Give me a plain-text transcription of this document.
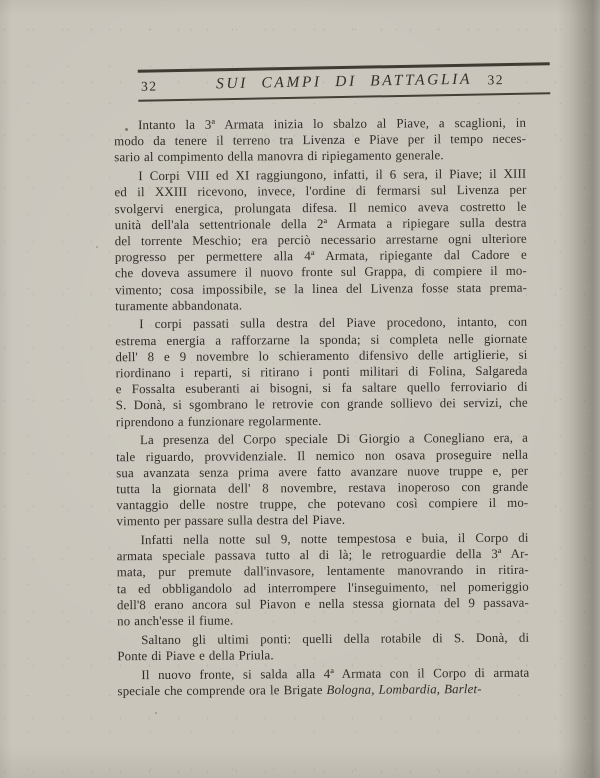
32	SUI CAMPI DI BATTAGLIA 32
Intanto la 3ª Armata inizia lo sbalzo al Piave, a scaglioni, in
modo da tenere il terreno tra Livenza e Piave per il tempo neces-
sario al compimento della manovra di ripiegamento generale.
I Corpi VIII ed XI raggiungono, infatti, il 6 sera, il Piave; il XIII
ed il XXIII ricevono, invece, l'ordine di fermarsi sul Livenza per
svolgervi energica, prolungata difesa. Il nemico aveva costretto le
unità dell'ala settentrionale della 2ª Armata a ripiegare sulla destra
del torrente Meschio; era perciò necessario arrestarne ogni ulteriore
progresso per permettere alla 4ª Armata, ripiegante dal Cadore e
che doveva assumere il nuovo fronte sul Grappa, di compiere il mo-
vimento; cosa impossibile, se la linea del Livenza fosse stata prema-
turamente abbandonata.
I corpi passati sulla destra del Piave procedono, intanto, con
estrema energia a rafforzarne la sponda; si completa nelle giornate
dell' 8 e 9 novembre lo schieramento difensivo delle artiglierie, si
riordinano i reparti, si ritirano i ponti militari di Folina, Salgareda
e Fossalta esuberanti ai bisogni, si fa saltare quello ferroviario di
S. Donà, si sgombrano le retrovie con grande sollievo dei servizi, che
riprendono a funzionare regolarmente.
La presenza del Corpo speciale Di Giorgio a Conegliano era, a
tale riguardo, provvidenziale. Il nemico non osava proseguire nella
sua avanzata senza prima avere fatto avanzare nuove truppe e, per
tutta la giornata dell' 8 novembre, restava inoperoso con grande
vantaggio delle nostre truppe, che potevano così compiere il mo-
vimento per passare sulla destra del Piave.
Infatti nella notte sul 9, notte tempestosa e buia, il Corpo di
armata speciale passava tutto al di là; le retroguardie della 3ª Ar-
mata, pur premute dall'invasore, lentamente manovrando in ritira-
ta ed obbligandolo ad interrompere l'inseguimento, nel pomeriggio
dell'8 erano ancora sul Piavon e nella stessa giornata del 9 passava-
no anch'esse il fiume.
Saltano gli ultimi ponti: quelli della rotabile di S. Donà, di
Ponte di Piave e della Priula.
Il nuovo fronte, si salda alla 4ª Armata con il Corpo di armata
speciale che comprende ora le Brigate Bologna, Lombardia, Barlet-
